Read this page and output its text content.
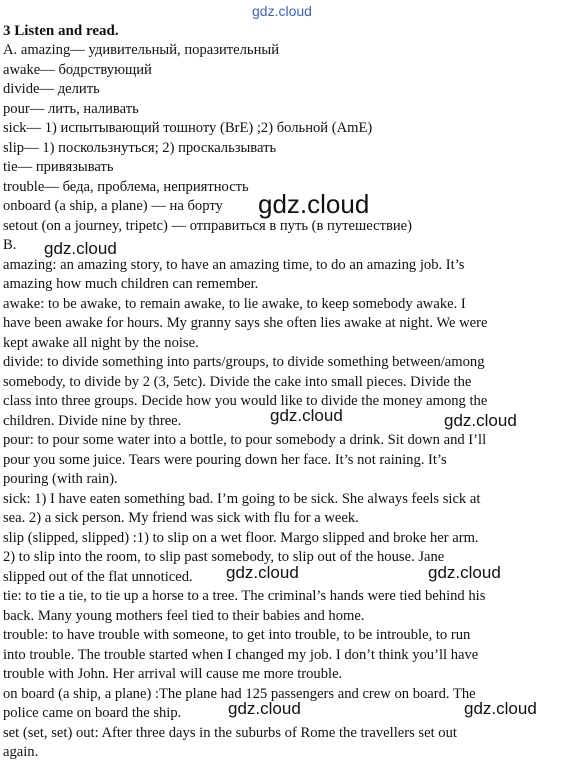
3 Listen and read.
A. amazing— удивительный, поразительный
awake— бодрствующий
divide— делить
pour— лить, наливать
sick— 1) испытывающий тошноту (BrE) ;2) больной (AmE)
slip— 1) поскользнуться; 2) проскальзывать
tie— привязывать
trouble— беда, проблема, неприятность
onboard (a ship, a plane) — на борту
setout (on a journey, tripetc) — отправиться в путь (в путешествие)
B.
amazing: an amazing story, to have an amazing time, to do an amazing job. It’s
amazing how much children can remember.
awake: to be awake, to remain awake, to lie awake, to keep somebody awake. I
have been awake for hours. My granny says she often lies awake at night. We were
kept awake all night by the noise.
divide: to divide something into parts/groups, to divide something between/among
somebody, to divide by 2 (3, 5etc). Divide the cake into small pieces. Divide the
class into three groups. Decide how you would like to divide the money among the
children. Divide nine by three.
pour: to pour some water into a bottle, to pour somebody a drink. Sit down and I’ll
pour you some juice. Tears were pouring down her face. It’s not raining. It’s
pouring (with rain).
sick: 1) I have eaten something bad. I’m going to be sick. She always feels sick at
sea. 2) a sick person. My friend was sick with flu for a week.
slip (slipped, slipped) :1) to slip on a wet floor. Margo slipped and broke her arm.
2) to slip into the room, to slip past somebody, to slip out of the house. Jane
slipped out of the flat unnoticed.
tie: to tie a tie, to tie up a horse to a tree. The criminal’s hands were tied behind his
back. Many young mothers feel tied to their babies and home.
trouble: to have trouble with someone, to get into trouble, to be introuble, to run
into trouble. The trouble started when I changed my job. I don’t think you’ll have
trouble with John. Her arrival will cause me more trouble.
on board (a ship, a plane) :The plane had 125 passengers and crew on board. The
police came on board the ship.
set (set, set) out: After three days in the suburbs of Rome the travellers set out
again.
gdz.cloud
gdz.cloud
gdz.cloud
gdz.cloud	gdz.cloud
gdz.cloud	gdz.cloud
gdz.cloud	gdz.cloud
